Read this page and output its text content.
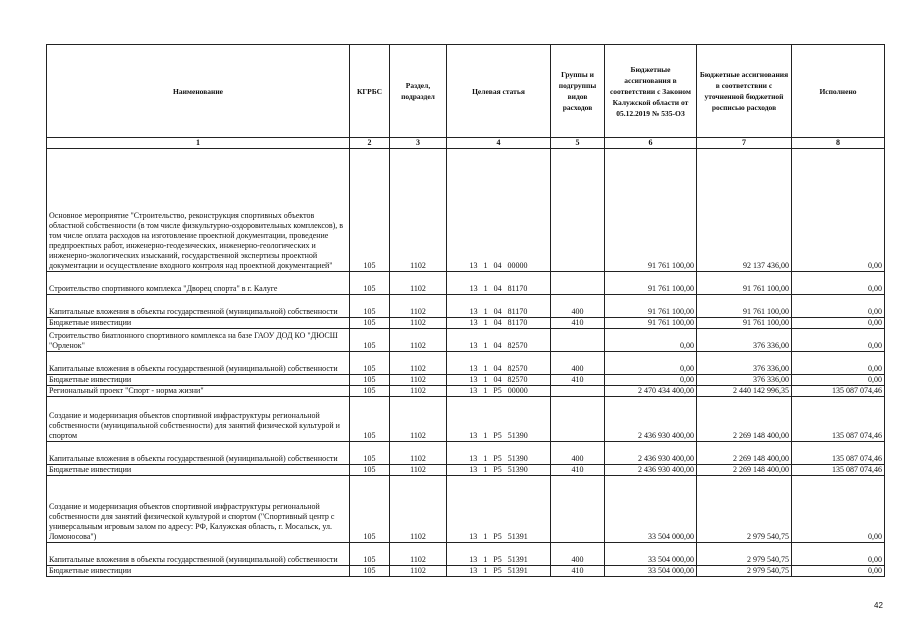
Наименование	КГРБС	Раздел, подраздел	Целевая статья	Группы и подгруппы видов расходов	Бюджетные ассигнования в соответствии с Законом Калужской области от 05.12.2019 № 535-ОЗ	Бюджетные ассигнования в соответствии с уточненной бюджетной росписью расходов	Исполнено
1	2	3	4	5	6	7	8
Основное мероприятие "Строительство, реконструкция спортивных объектов областной собственности (в том числе физкультурно-оздоровительных комплексов), в том числе оплата расходов на изготовление проектной документации, проведение предпроектных работ, инженерно-геодезических, инженерно-геологических и инженерно-экологических изысканий, государственной экспертизы проектной документации и осуществление входного контроля над проектной документацией"	105	1102	13 1 04 00000		91 761 100,00	92 137 436,00	0,00
Строительство спортивного комплекса "Дворец спорта" в г. Калуге	105	1102	13 1 04 81170		91 761 100,00	91 761 100,00	0,00
Капитальные вложения в объекты государственной (муниципальной) собственности	105	1102	13 1 04 81170	400	91 761 100,00	91 761 100,00	0,00
Бюджетные инвестиции	105	1102	13 1 04 81170	410	91 761 100,00	91 761 100,00	0,00
Строительство биатлонного спортивного комплекса на базе ГАОУ ДОД КО "ДЮСШ "Орленок"	105	1102	13 1 04 82570		0,00	376 336,00	0,00
Капитальные вложения в объекты государственной (муниципальной) собственности	105	1102	13 1 04 82570	400	0,00	376 336,00	0,00
Бюджетные инвестиции	105	1102	13 1 04 82570	410	0,00	376 336,00	0,00
Региональный проект "Спорт - норма жизни"	105	1102	13 1 P5 00000		2 470 434 400,00	2 440 142 996,35	135 087 074,46
Создание и модернизация объектов спортивной инфраструктуры региональной собственности (муниципальной собственности) для занятий физической культурой и спортом	105	1102	13 1 P5 51390		2 436 930 400,00	2 269 148 400,00	135 087 074,46
Капитальные вложения в объекты государственной (муниципальной) собственности	105	1102	13 1 P5 51390	400	2 436 930 400,00	2 269 148 400,00	135 087 074,46
Бюджетные инвестиции	105	1102	13 1 P5 51390	410	2 436 930 400,00	2 269 148 400,00	135 087 074,46
Создание и модернизация объектов спортивной инфраструктуры региональной собственности для занятий физической культурой и спортом ("Спортивный центр с универсальным игровым залом по адресу: РФ, Калужская область, г. Мосальск, ул. Ломоносова")	105	1102	13 1 P5 51391		33 504 000,00	2 979 540,75	0,00
Капитальные вложения в объекты государственной (муниципальной) собственности	105	1102	13 1 P5 51391	400	33 504 000,00	2 979 540,75	0,00
Бюджетные инвестиции	105	1102	13 1 P5 51391	410	33 504 000,00	2 979 540,75	0,00
42
